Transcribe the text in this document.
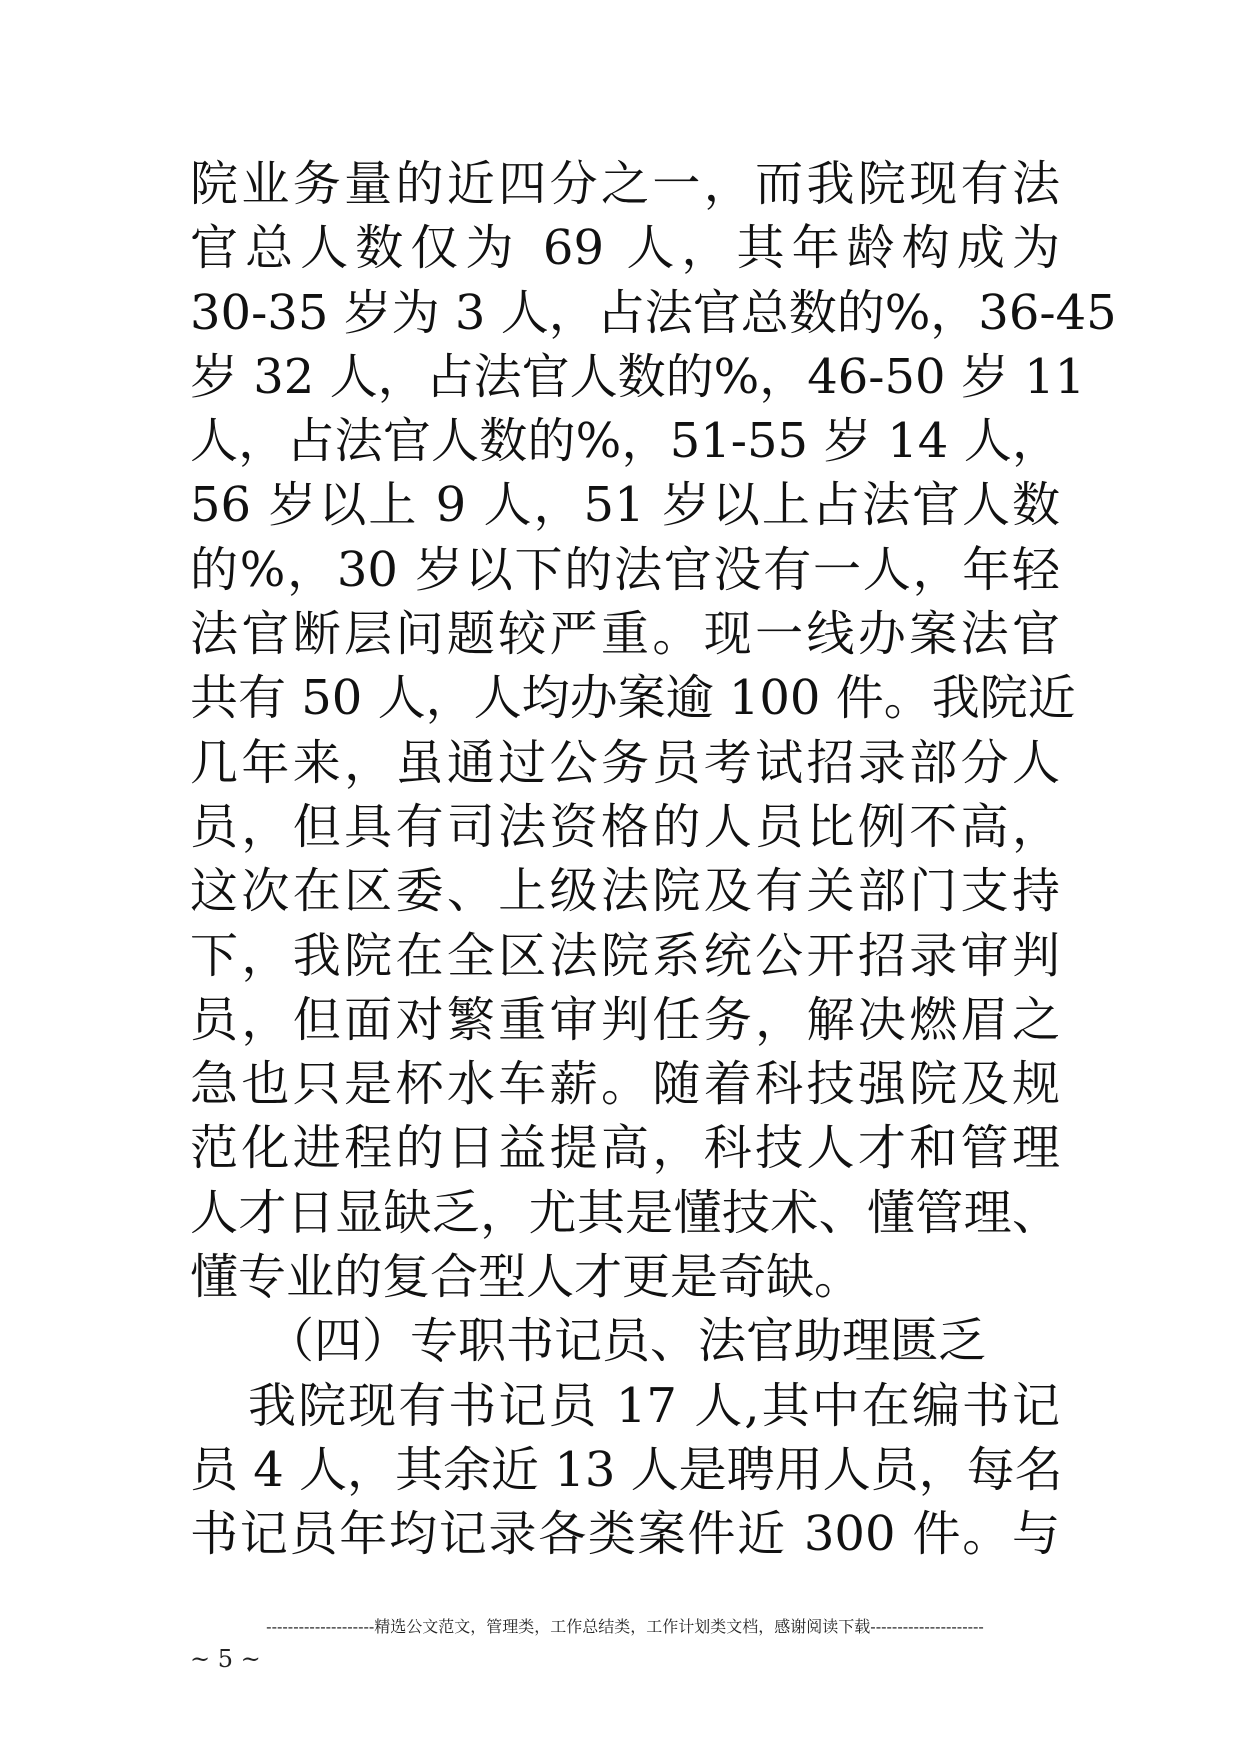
院业务量的近四分之一，而我院现有法
官总人数仅为 69 人，其年龄构成为
30-35 岁为 3 人，占法官总数的%，36-45
岁 32 人，占法官人数的%，46-50 岁 11
人，占法官人数的%，51-55 岁 14 人，
56 岁以上 9 人，51 岁以上占法官人数
的%，30 岁以下的法官没有一人，年轻
法官断层问题较严重。现一线办案法官
共有 50 人，人均办案逾 100 件。我院近
几年来，虽通过公务员考试招录部分人
员，但具有司法资格的人员比例不高，
这次在区委、上级法院及有关部门支持
下，我院在全区法院系统公开招录审判
员，但面对繁重审判任务，解决燃眉之
急也只是杯水车薪。随着科技强院及规
范化进程的日益提高，科技人才和管理
人才日显缺乏，尤其是懂技术、懂管理、
懂专业的复合型人才更是奇缺。
（四）专职书记员、法官助理匮乏
我院现有书记员 17 人,其中在编书记
员 4 人，其余近 13 人是聘用人员，每名
书记员年均记录各类案件近 300 件。与
--------------------精选公文范文，管理类，工作总结类，工作计划类文档，感谢阅读下载---------------------
~ 5 ~
